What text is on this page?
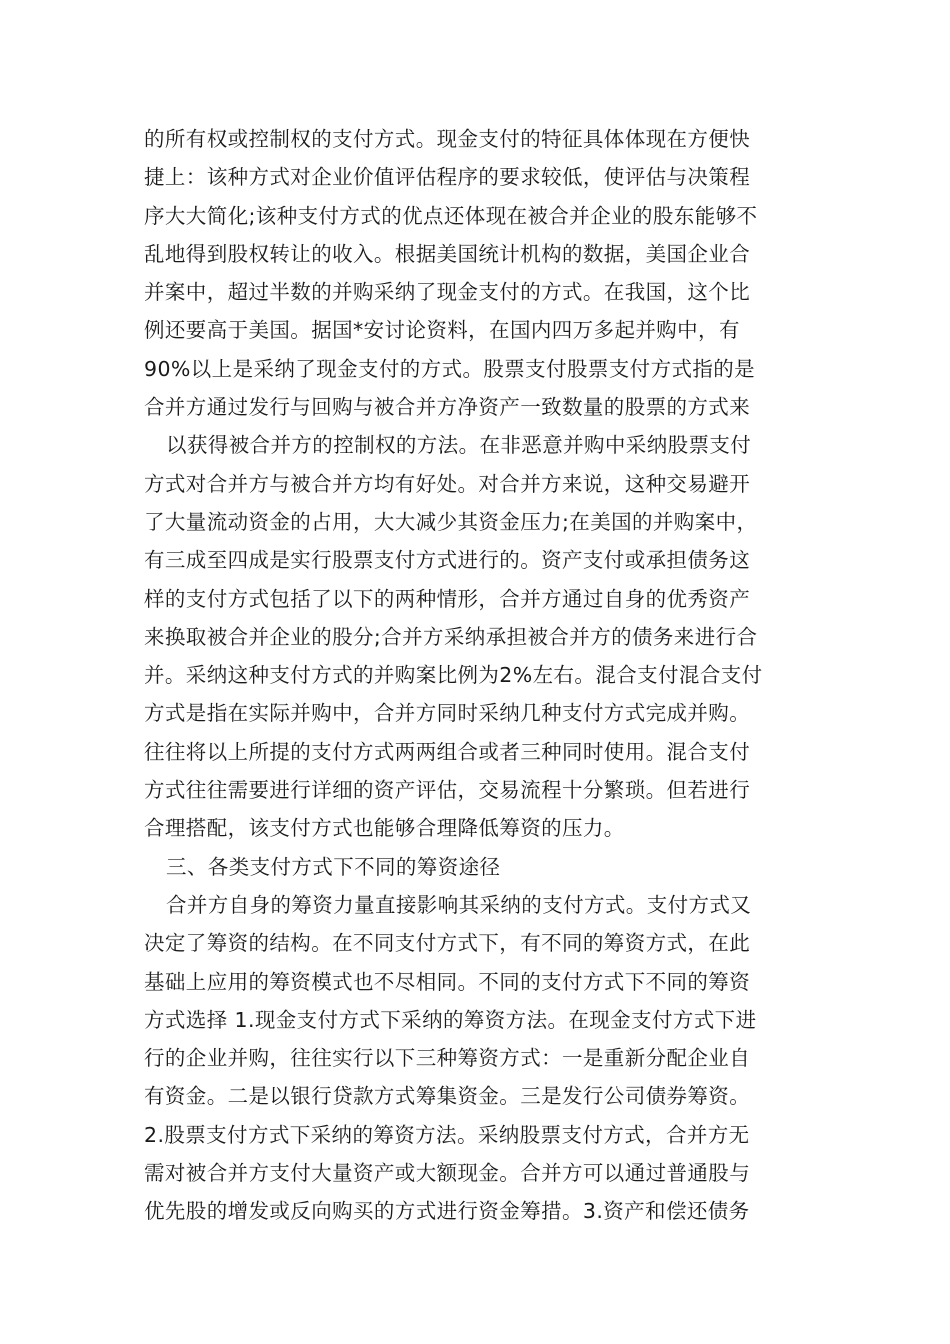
的所有权或控制权的支付方式。现金支付的特征具体体现在方便快
捷上：该种方式对企业价值评估程序的要求较低，使评估与决策程
序大大简化;该种支付方式的优点还体现在被合并企业的股东能够不
乱地得到股权转让的收入。根据美国统计机构的数据，美国企业合
并案中，超过半数的并购采纳了现金支付的方式。在我国，这个比
例还要高于美国。据国*安讨论资料，在国内四万多起并购中，有
90%以上是采纳了现金支付的方式。股票支付股票支付方式指的是
合并方通过发行与回购与被合并方净资产一致数量的股票的方式来
以获得被合并方的控制权的方法。在非恶意并购中采纳股票支付
方式对合并方与被合并方均有好处。对合并方来说，这种交易避开
了大量流动资金的占用，大大减少其资金压力;在美国的并购案中，
有三成至四成是实行股票支付方式进行的。资产支付或承担债务这
样的支付方式包括了以下的两种情形，合并方通过自身的优秀资产
来换取被合并企业的股分;合并方采纳承担被合并方的债务来进行合
并。采纳这种支付方式的并购案比例为2%左右。混合支付混合支付
方式是指在实际并购中，合并方同时采纳几种支付方式完成并购。
往往将以上所提的支付方式两两组合或者三种同时使用。混合支付
方式往往需要进行详细的资产评估，交易流程十分繁琐。但若进行
合理搭配，该支付方式也能够合理降低筹资的压力。
三、各类支付方式下不同的筹资途径
合并方自身的筹资力量直接影响其采纳的支付方式。支付方式又
决定了筹资的结构。在不同支付方式下，有不同的筹资方式，在此
基础上应用的筹资模式也不尽相同。不同的支付方式下不同的筹资
方式选择 1.现金支付方式下采纳的筹资方法。在现金支付方式下进
行的企业并购，往往实行以下三种筹资方式：一是重新分配企业自
有资金。二是以银行贷款方式筹集资金。三是发行公司债券筹资。
2.股票支付方式下采纳的筹资方法。采纳股票支付方式，合并方无
需对被合并方支付大量资产或大额现金。合并方可以通过普通股与
优先股的增发或反向购买的方式进行资金筹措。3.资产和偿还债务
